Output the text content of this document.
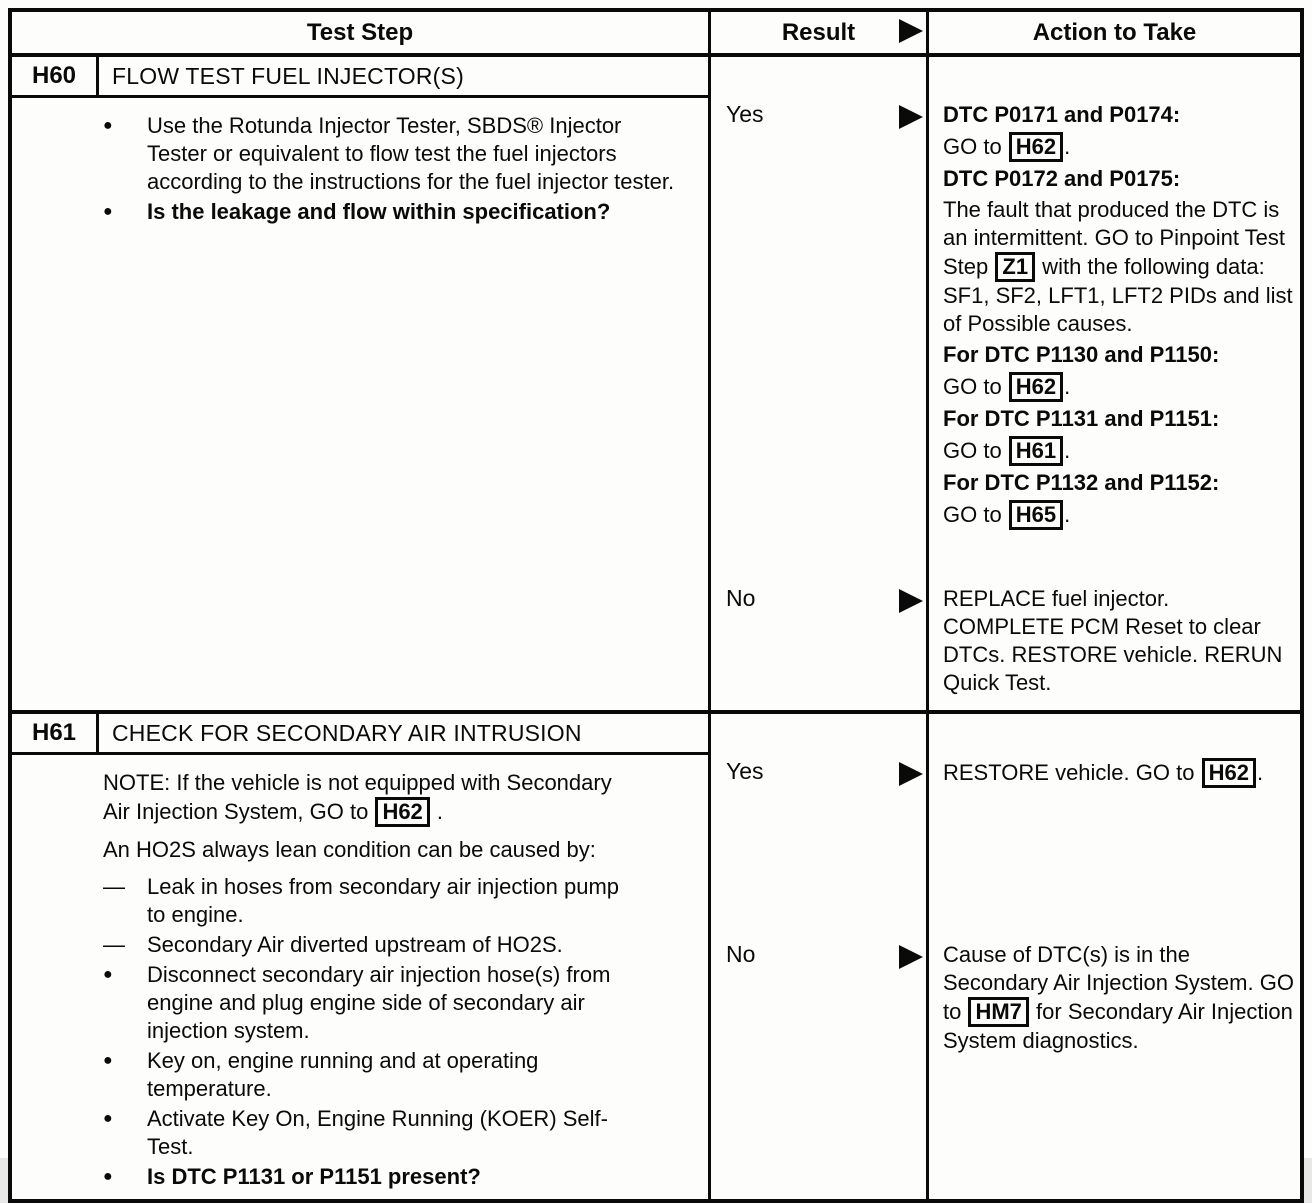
Test Step	Result	Action to Take
H60	FLOW TEST FUEL INJECTOR(S)
●	Use the Rotunda Injector Tester, SBDS® Injector Tester or equivalent to flow test the fuel injectors according to the instructions for the fuel injector tester.
●	Is the leakage and flow within specification?
Yes	DTC P0171 and P0174:
GO to H62 .
DTC P0172 and P0175:
The fault that produced the DTC is an intermittent. GO to Pinpoint Test Step Z1 with the following data: SF1, SF2, LFT1, LFT2 PIDs and list of Possible causes.
For DTC P1130 and P1150:
GO to H62 .
For DTC P1131 and P1151:
GO to H61 .
For DTC P1132 and P1152:
GO to H65 .
No	REPLACE fuel injector. COMPLETE PCM Reset to clear DTCs. RESTORE vehicle. RERUN Quick Test.
H61	CHECK FOR SECONDARY AIR INTRUSION
NOTE: If the vehicle is not equipped with Secondary Air Injection System, GO to H62 .
An HO2S always lean condition can be caused by:
—	Leak in hoses from secondary air injection pump to engine.
—	Secondary Air diverted upstream of HO2S.
●	Disconnect secondary air injection hose(s) from engine and plug engine side of secondary air injection system.
●	Key on, engine running and at operating temperature.
●	Activate Key On, Engine Running (KOER) Self-Test.
●	Is DTC P1131 or P1151 present?
Yes	RESTORE vehicle. GO to H62 .
No	Cause of DTC(s) is in the Secondary Air Injection System. GO to HM7 for Secondary Air Injection System diagnostics.
